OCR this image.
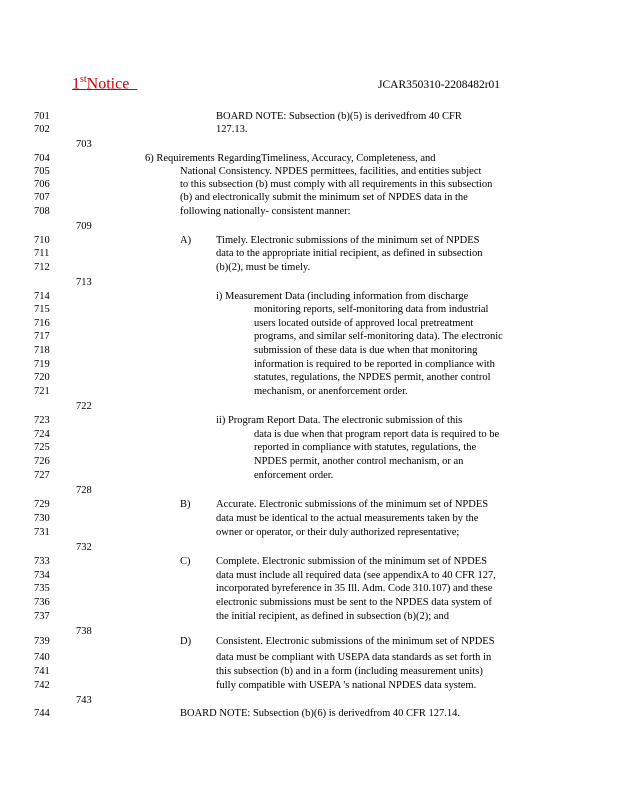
1stNotice	JCAR350310-2208482r01
701	BOARD NOTE: Subsection (b)(5) is derivedfrom 40 CFR
702	127.13.
703
704	6) Requirements RegardingTimeliness, Accuracy, Completeness, and
705	National Consistency. NPDES permittees, facilities, and entities subject
706	to this subsection (b) must comply with all requirements in this subsection
707	(b) and electronically submit the minimum set of NPDES data in the
708	following nationally- consistent manner:
709
710	A) Timely. Electronic submissions of the minimum set of NPDES
711	data to the appropriate initial recipient, as defined in subsection
712	(b)(2), must be timely.
713
714	i) Measurement Data (including information from discharge
715	monitoring reports, self-monitoring data from industrial
716	users located outside of approved local pretreatment
717	programs, and similar self-monitoring data). The electronic
718	submission of these data is due when that monitoring
719	information is required to be reported in compliance with
720	statutes, regulations, the NPDES permit, another control
721	mechanism, or anenforcement order.
722
723	ii) Program Report Data. The electronic submission of this
724	data is due when that program report data is required to be
725	reported in compliance with statutes, regulations, the
726	NPDES permit, another control mechanism, or an
727	enforcement order.
728
729	B) Accurate. Electronic submissions of the minimum set of NPDES
730	data must be identical to the actual measurements taken by the
731	owner or operator, or their duly authorized representative;
732
733	C) Complete. Electronic submission of the minimum set of NPDES
734	data must include all required data (see appendixA to 40 CFR 127,
735	incorporated byreference in 35 Ill. Adm. Code 310.107) and these
736	electronic submissions must be sent to the NPDES data system of
737	the initial recipient, as defined in subsection (b)(2); and
738
739	D) Consistent. Electronic submissions of the minimum set of NPDES
740	data must be compliant with USEPA data standards as set forth in
741	this subsection (b) and in a form (including measurement units)
742	fully compatible with USEPA 's national NPDES data system.
743
744	BOARD NOTE: Subsection (b)(6) is derivedfrom 40 CFR 127.14.
